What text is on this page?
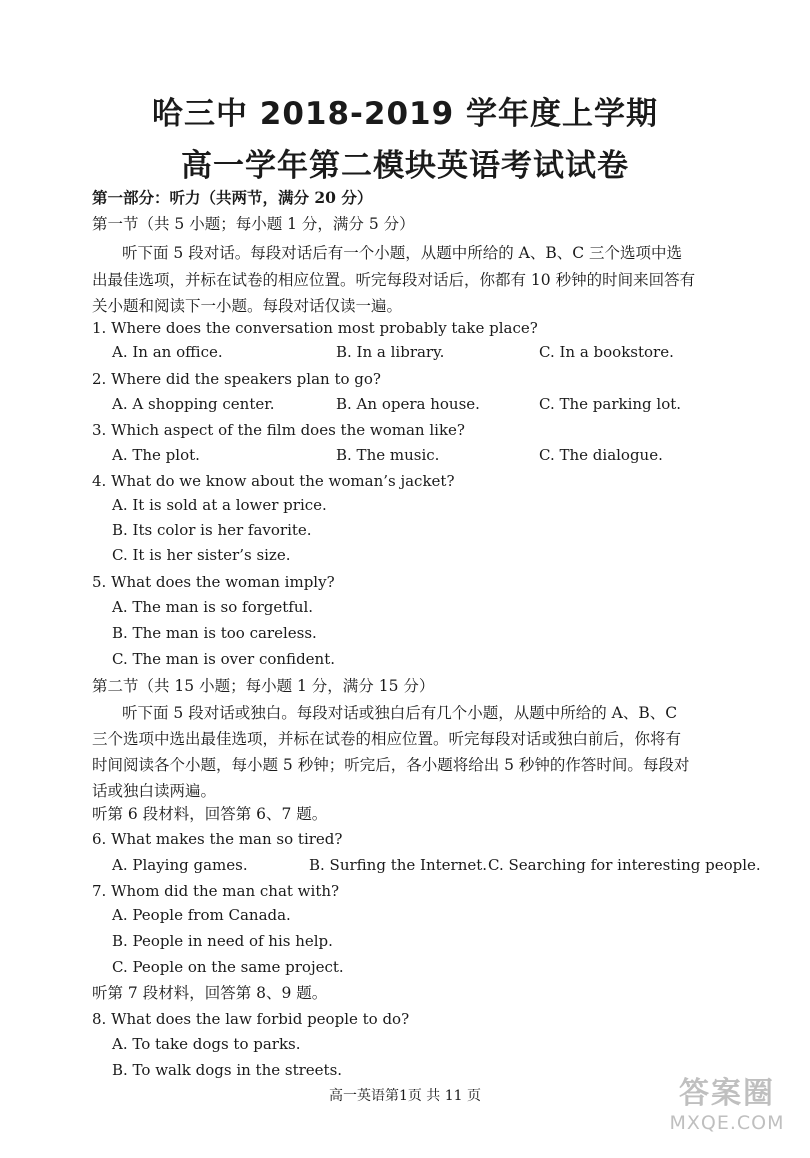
哈三中 2018-2019 学年度上学期
高一学年第二模块英语考试试卷
第一部分：听力（共两节，满分 20 分）
第一节（共 5 小题；每小题 1 分，满分 5 分）
听下面 5 段对话。每段对话后有一个小题，从题中所给的 A、B、C 三个选项中选
出最佳选项，并标在试卷的相应位置。听完每段对话后，你都有 10 秒钟的时间来回答有
关小题和阅读下一小题。每段对话仅读一遍。
1. Where does the conversation most probably take place?
A. In an office.	B. In a library.	C. In a bookstore.
2. Where did the speakers plan to go?
A. A shopping center.	B. An opera house.	C. The parking lot.
3. Which aspect of the film does the woman like?
A. The plot.	B. The music.	C. The dialogue.
4. What do we know about the woman’s jacket?
A. It is sold at a lower price.
B. Its color is her favorite.
C. It is her sister’s size.
5. What does the woman imply?
A. The man is so forgetful.
B. The man is too careless.
C. The man is over confident.
第二节（共 15 小题；每小题 1 分，满分 15 分）
听下面 5 段对话或独白。每段对话或独白后有几个小题，从题中所给的 A、B、C
三个选项中选出最佳选项，并标在试卷的相应位置。听完每段对话或独白前后，你将有
时间阅读各个小题，每小题 5 秒钟；听完后，各小题将给出 5 秒钟的作答时间。每段对
话或独白读两遍。
听第 6 段材料，回答第 6、7 题。
6. What makes the man so tired?
A. Playing games.	B. Surfing the Internet. C. Searching for interesting people.
7. Whom did the man chat with?
A. People from Canada.
B. People in need of his help.
C. People on the same project.
听第 7 段材料，回答第 8、9 题。
8. What does the law forbid people to do?
A. To take dogs to parks.
B. To walk dogs in the streets.
高一英语第1页 共 11 页	答案圈
MXQE.COM
